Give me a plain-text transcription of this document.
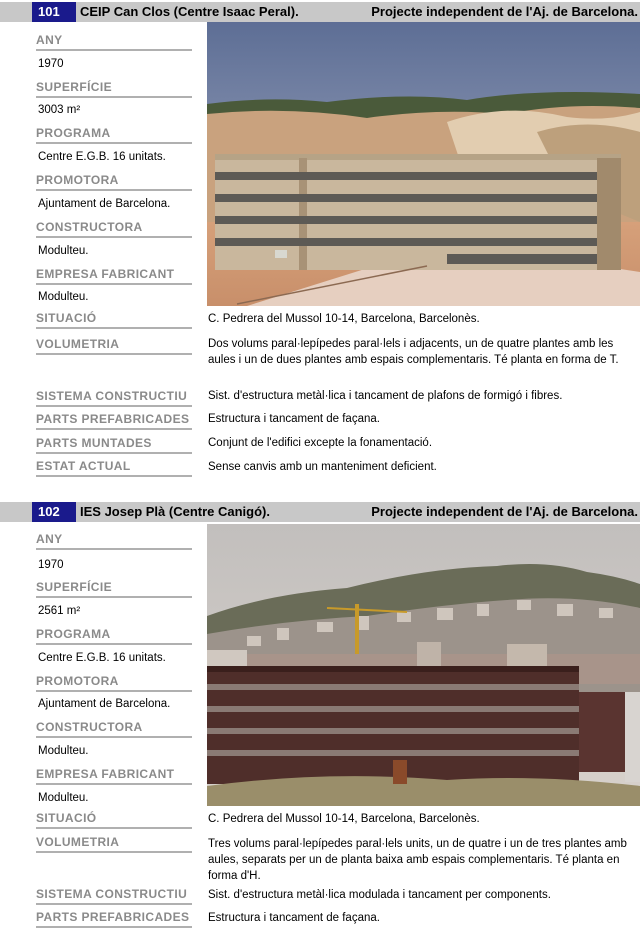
101	CEIP Can Clos (Centre Isaac Peral).	Projecte independent de l'Aj. de Barcelona.
ANY
1970
SUPERFÍCIE
3003 m²
PROGRAMA
Centre E.G.B. 16 unitats.
PROMOTORA
Ajuntament de Barcelona.
CONSTRUCTORA
Modulteu.
EMPRESA FABRICANT
Modulteu.
SITUACIÓ	C. Pedrera del Mussol 10-14, Barcelona, Barcelonès.
VOLUMETRIA	Dos volums paral·lepípedes paral·lels i adjacents, un de quatre plantes amb les aules i un de dues plantes amb espais complementaris. Té planta en forma de T.
SISTEMA CONSTRUCTIU	Sist. d'estructura metàl·lica i tancament de plafons de formigó i fibres.
PARTS PREFABRICADES Estructura i tancament de façana.
PARTS MUNTADES	Conjunt de l'edifici excepte la fonamentació.
ESTAT ACTUAL	Sense canvis amb un manteniment deficient.
102	IES Josep Plà (Centre Canigó).	Projecte independent de l'Aj. de Barcelona.
ANY
1970
SUPERFÍCIE
2561 m²
PROGRAMA
Centre E.G.B. 16 unitats.
PROMOTORA
Ajuntament de Barcelona.
CONSTRUCTORA
Modulteu.
EMPRESA FABRICANT
Modulteu.
SITUACIÓ	C. Pedrera del Mussol 10-14, Barcelona, Barcelonès.
VOLUMETRIA	Tres volums paral·lepípedes paral·lels units, un de quatre i un de tres plantes amb aules, separats per un de planta baixa amb espais complementaris. Té planta en forma d'H.
SISTEMA CONSTRUCTIU	Sist. d'estructura metàl·lica modulada i tancament per components.
PARTS PREFABRICADES Estructura i tancament de façana.
